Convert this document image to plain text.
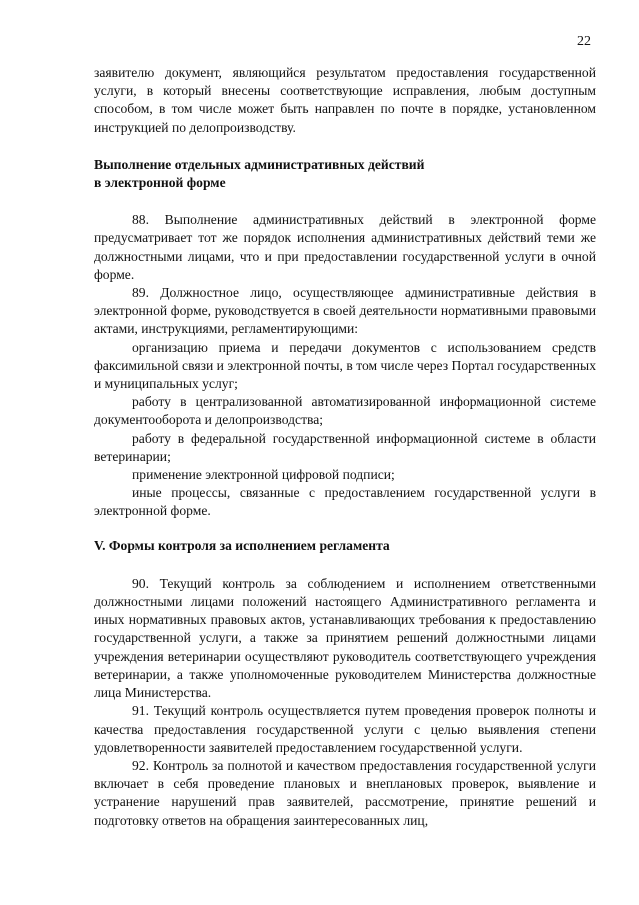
22

заявителю документ, являющийся результатом предоставления государственной услуги, в который внесены соответствующие исправления, любым доступным способом, в том числе может быть направлен по почте в порядке, установленном инструкцией по делопроизводству.

Выполнение отдельных административных действий

в электронной форме

88. Выполнение административных действий в электронной форме предусматривает тот же порядок исполнения административных действий теми же должностными лицами, что и при предоставлении государственной услуги в очной форме.

89. Должностное лицо, осуществляющее административные действия в электронной форме, руководствуется в своей деятельности нормативными правовыми актами, инструкциями, регламентирующими:

организацию приема и передачи документов с использованием средств факсимильной связи и электронной почты, в том числе через Портал государственных и муниципальных услуг;

работу в централизованной автоматизированной информационной системе документооборота и делопроизводства;

работу в федеральной государственной информационной системе в области ветеринарии;

применение электронной цифровой подписи;

иные процессы, связанные с предоставлением государственной услуги в электронной форме.

V. Формы контроля за исполнением регламента

90. Текущий контроль за соблюдением и исполнением ответственными должностными лицами положений настоящего Административного регламента и иных нормативных правовых актов, устанавливающих требования к предоставлению государственной услуги, а также за принятием решений должностными лицами учреждения ветеринарии осуществляют руководитель соответствующего учреждения ветеринарии, а также уполномоченные руководителем Министерства должностные лица Министерства.

91. Текущий контроль осуществляется путем проведения проверок полноты и качества предоставления государственной услуги с целью выявления степени удовлетворенности заявителей предоставлением государственной услуги.

92. Контроль за полнотой и качеством предоставления государственной услуги включает в себя проведение плановых и внеплановых проверок, выявление и устранение нарушений прав заявителей, рассмотрение, принятие решений и подготовку ответов на обращения заинтересованных лиц,
